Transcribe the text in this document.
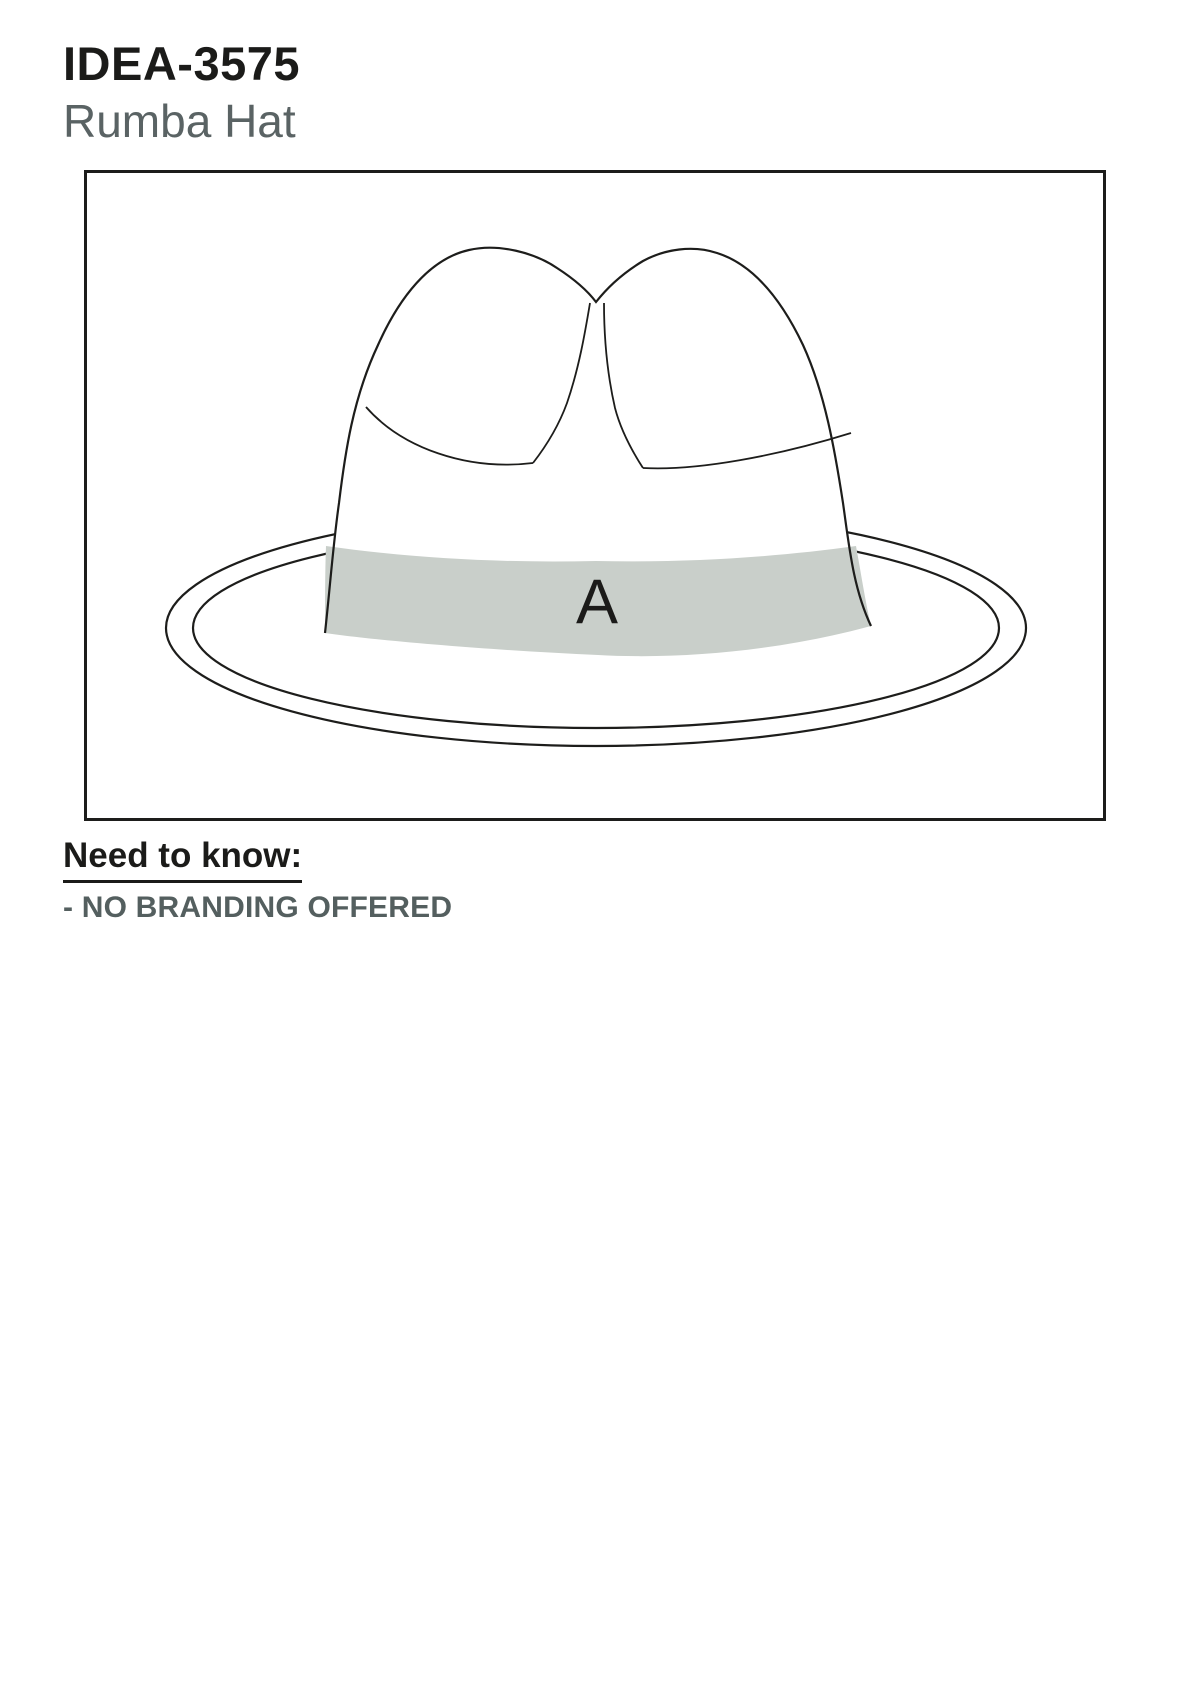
IDEA-3575
Rumba Hat
A
Need to know:

- NO BRANDING OFFERED
